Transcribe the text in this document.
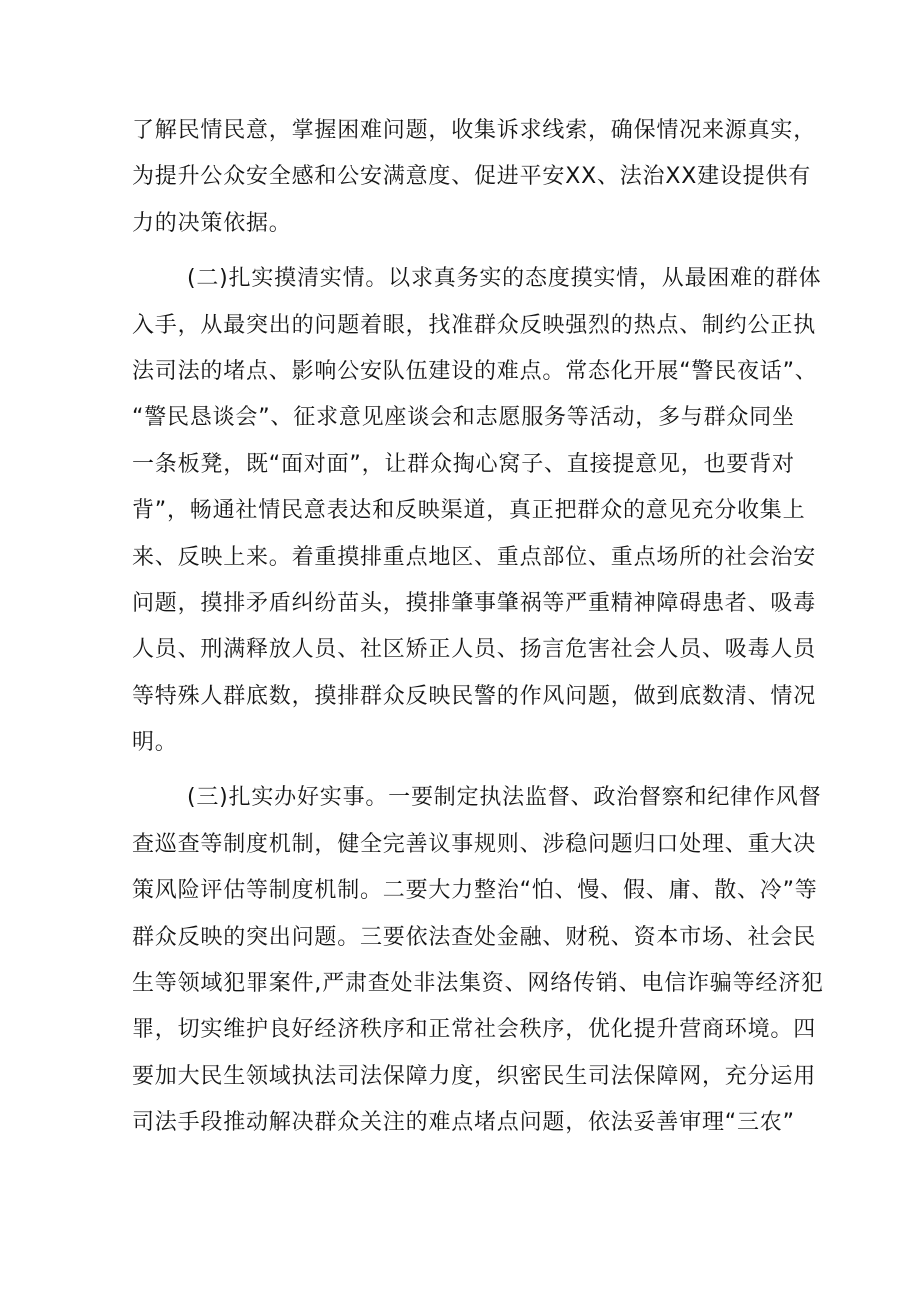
了解民情民意，掌握困难问题，收集诉求线索，确保情况来源真实，
为提升公众安全感和公安满意度、促进平安XX、法治XX建设提供有
力的决策依据。
(二)扎实摸清实情。以求真务实的态度摸实情，从最困难的群体
入手，从最突出的问题着眼，找准群众反映强烈的热点、制约公正执
法司法的堵点、影响公安队伍建设的难点。常态化开展“警民夜话”、
“警民恳谈会”、征求意见座谈会和志愿服务等活动，多与群众同坐
一条板凳，既“面对面”，让群众掏心窝子、直接提意见，也要背对
背”，畅通社情民意表达和反映渠道，真正把群众的意见充分收集上
来、反映上来。着重摸排重点地区、重点部位、重点场所的社会治安
问题，摸排矛盾纠纷苗头，摸排肇事肇祸等严重精神障碍患者、吸毒
人员、刑满释放人员、社区矫正人员、扬言危害社会人员、吸毒人员
等特殊人群底数，摸排群众反映民警的作风问题，做到底数清、情况
明。
(三)扎实办好实事。一要制定执法监督、政治督察和纪律作风督
查巡查等制度机制，健全完善议事规则、涉稳问题归口处理、重大决
策风险评估等制度机制。二要大力整治“怕、慢、假、庸、散、冷”等
群众反映的突出问题。三要依法查处金融、财税、资本市场、社会民
生等领域犯罪案件,严肃查处非法集资、网络传销、电信诈骗等经济犯
罪，切实维护良好经济秩序和正常社会秩序，优化提升营商环境。四
要加大民生领域执法司法保障力度，织密民生司法保障网，充分运用
司法手段推动解决群众关注的难点堵点问题，依法妥善审理“三农”
